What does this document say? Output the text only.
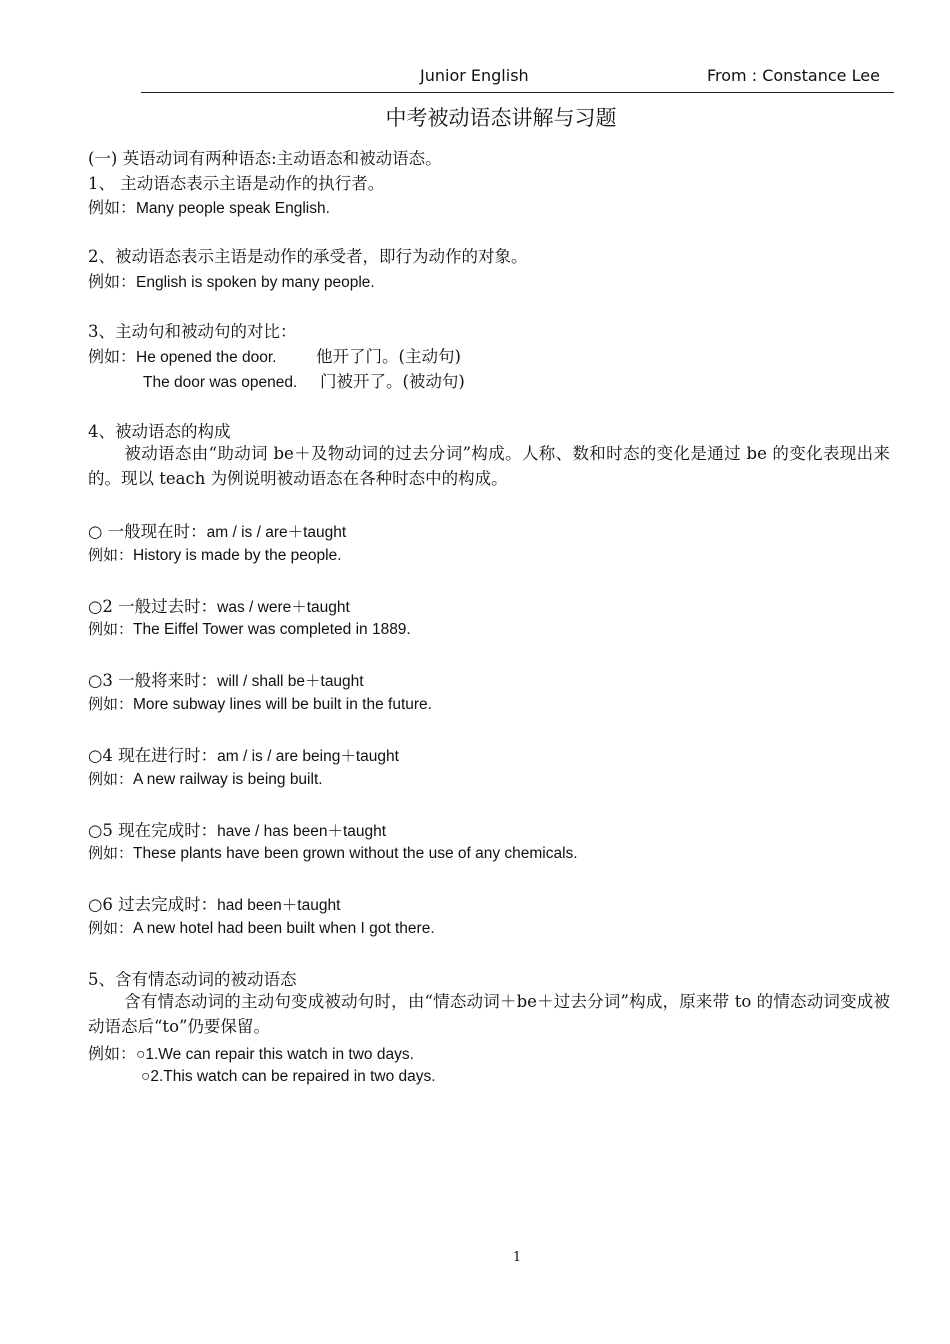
Junior English	From : Constance Lee
中考被动语态讲解与习题
(一) 英语动词有两种语态:主动语态和被动语态。
1、 主动语态表示主语是动作的执行者。
例如：Many people speak English.
2、被动语态表示主语是动作的承受者，即行为动作的对象。
例如：English is spoken by many people.
3、主动句和被动句的对比：
例如：He opened the door. 他开了门。(主动句)
The door was opened. 门被开了。(被动句)
4、被动语态的构成
被动语态由“助动词 be＋及物动词的过去分词”构成。人称、数和时态的变化是通过 be 的变化表现出来的。现以 teach 为例说明被动语态在各种时态中的构成。
○ 一般现在时：am / is / are＋taught
例如：History is made by the people.
○2 一般过去时：was / were＋taught
例如：The Eiffel Tower was completed in 1889.
○3 一般将来时：will / shall be＋taught
例如：More subway lines will be built in the future.
○4 现在进行时：am / is / are being＋taught
例如：A new railway is being built.
○5 现在完成时：have / has been＋taught
例如：These plants have been grown without the use of any chemicals.
○6 过去完成时：had been＋taught
例如：A new hotel had been built when I got there.
5、含有情态动词的被动语态
含有情态动词的主动句变成被动句时，由“情态动词＋be＋过去分词”构成，原来带 to 的情态动词变成被动语态后“to”仍要保留。
例如：○1.We can repair this watch in two days.
○2.This watch can be repaired in two days.
1
